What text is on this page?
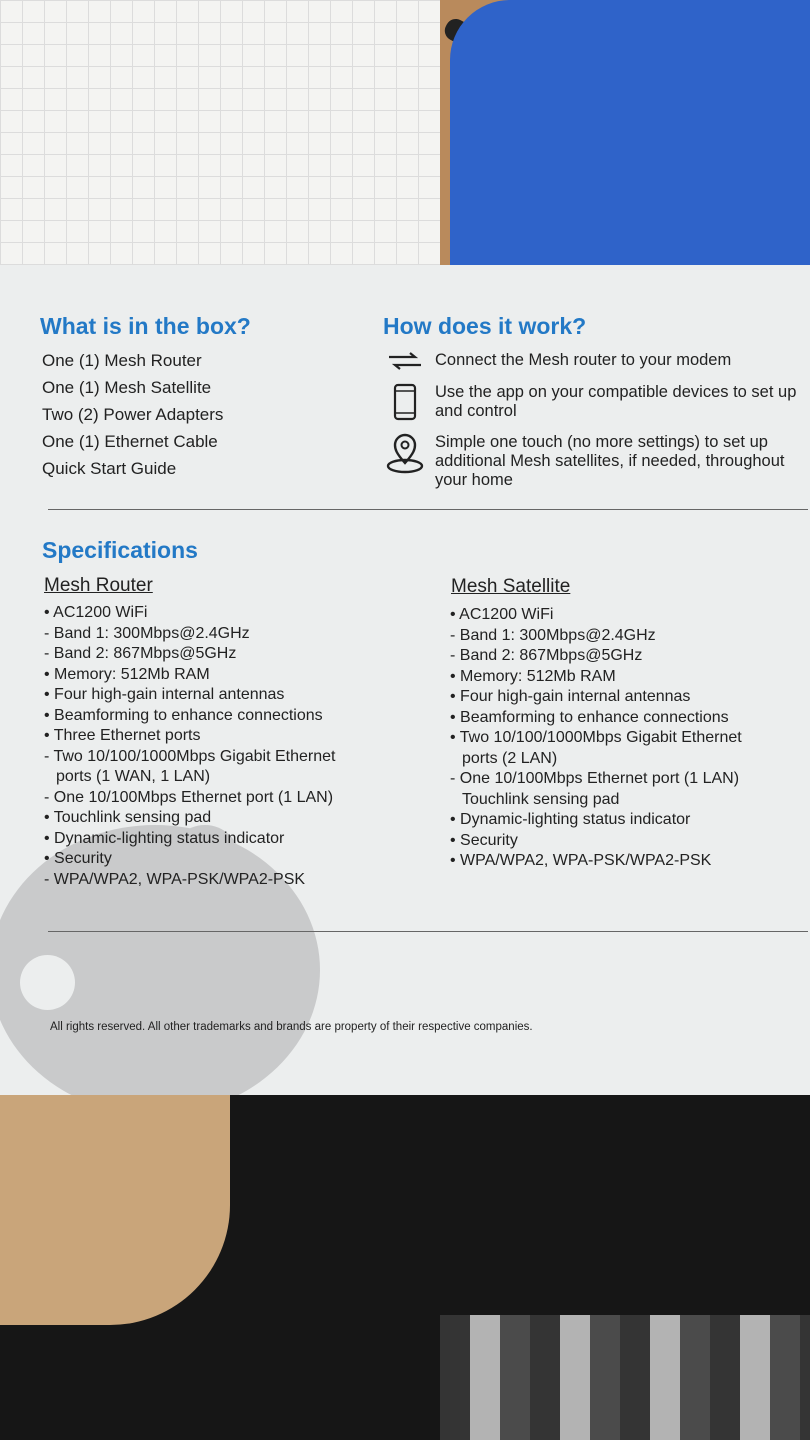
What is in the box?
One (1) Mesh Router
One (1) Mesh Satellite
Two (2) Power Adapters
One (1) Ethernet Cable
Quick Start Guide
How does it work?
Connect the Mesh router to your modem
Use the app on your compatible devices to set up and control
Simple one touch (no more settings) to set up additional Mesh satellites, if needed, throughout your home
Specifications

Mesh Router

• AC1200 WiFi
- Band 1: 300Mbps@2.4GHz
- Band 2: 867Mbps@5GHz
• Memory: 512Mb RAM
• Four high-gain internal antennas
• Beamforming to enhance connections
• Three Ethernet ports
- Two 10/100/1000Mbps Gigabit Ethernet
ports (1 WAN, 1 LAN)
- One 10/100Mbps Ethernet port (1 LAN)
• Touchlink sensing pad
• Dynamic-lighting status indicator
• Security
- WPA/WPA2, WPA-PSK/WPA2-PSK

Mesh Satellite

• AC1200 WiFi
- Band 1: 300Mbps@2.4GHz
- Band 2: 867Mbps@5GHz
• Memory: 512Mb RAM
• Four high-gain internal antennas
• Beamforming to enhance connections
• Two 10/100/1000Mbps Gigabit Ethernet
ports (2 LAN)
- One 10/100Mbps Ethernet port (1 LAN)
Touchlink sensing pad
• Dynamic-lighting status indicator
• Security
• WPA/WPA2, WPA-PSK/WPA2-PSK
All rights reserved. All other trademarks and brands are property of their respective companies.
